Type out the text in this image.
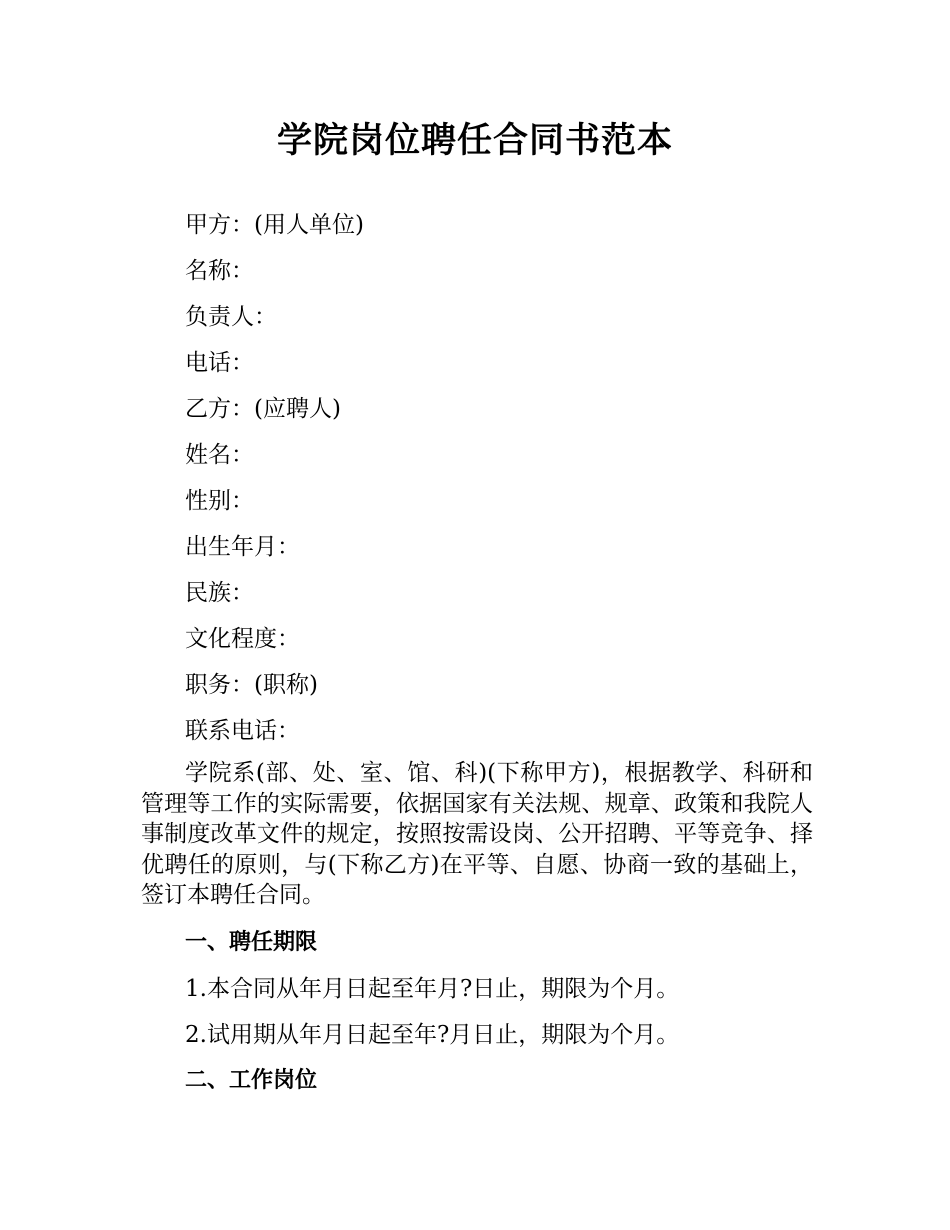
学院岗位聘任合同书范本
甲方：(用人单位)
名称：
负责人：
电话：
乙方：(应聘人)
姓名：
性别：
出生年月：
民族：
文化程度：
职务：(职称)
联系电话：

学院系(部、处、室、馆、科)(下称甲方)，根据教学、科研和管理等工作的实际需要，依据国家有关法规、规章、政策和我院人事制度改革文件的规定，按照按需设岗、公开招聘、平等竞争、择优聘任的原则，与(下称乙方)在平等、自愿、协商一致的基础上，签订本聘任合同。

一、聘任期限
1.本合同从年月日起至年月?日止，期限为个月。
2.试用期从年月日起至年?月日止，期限为个月。
二、工作岗位
